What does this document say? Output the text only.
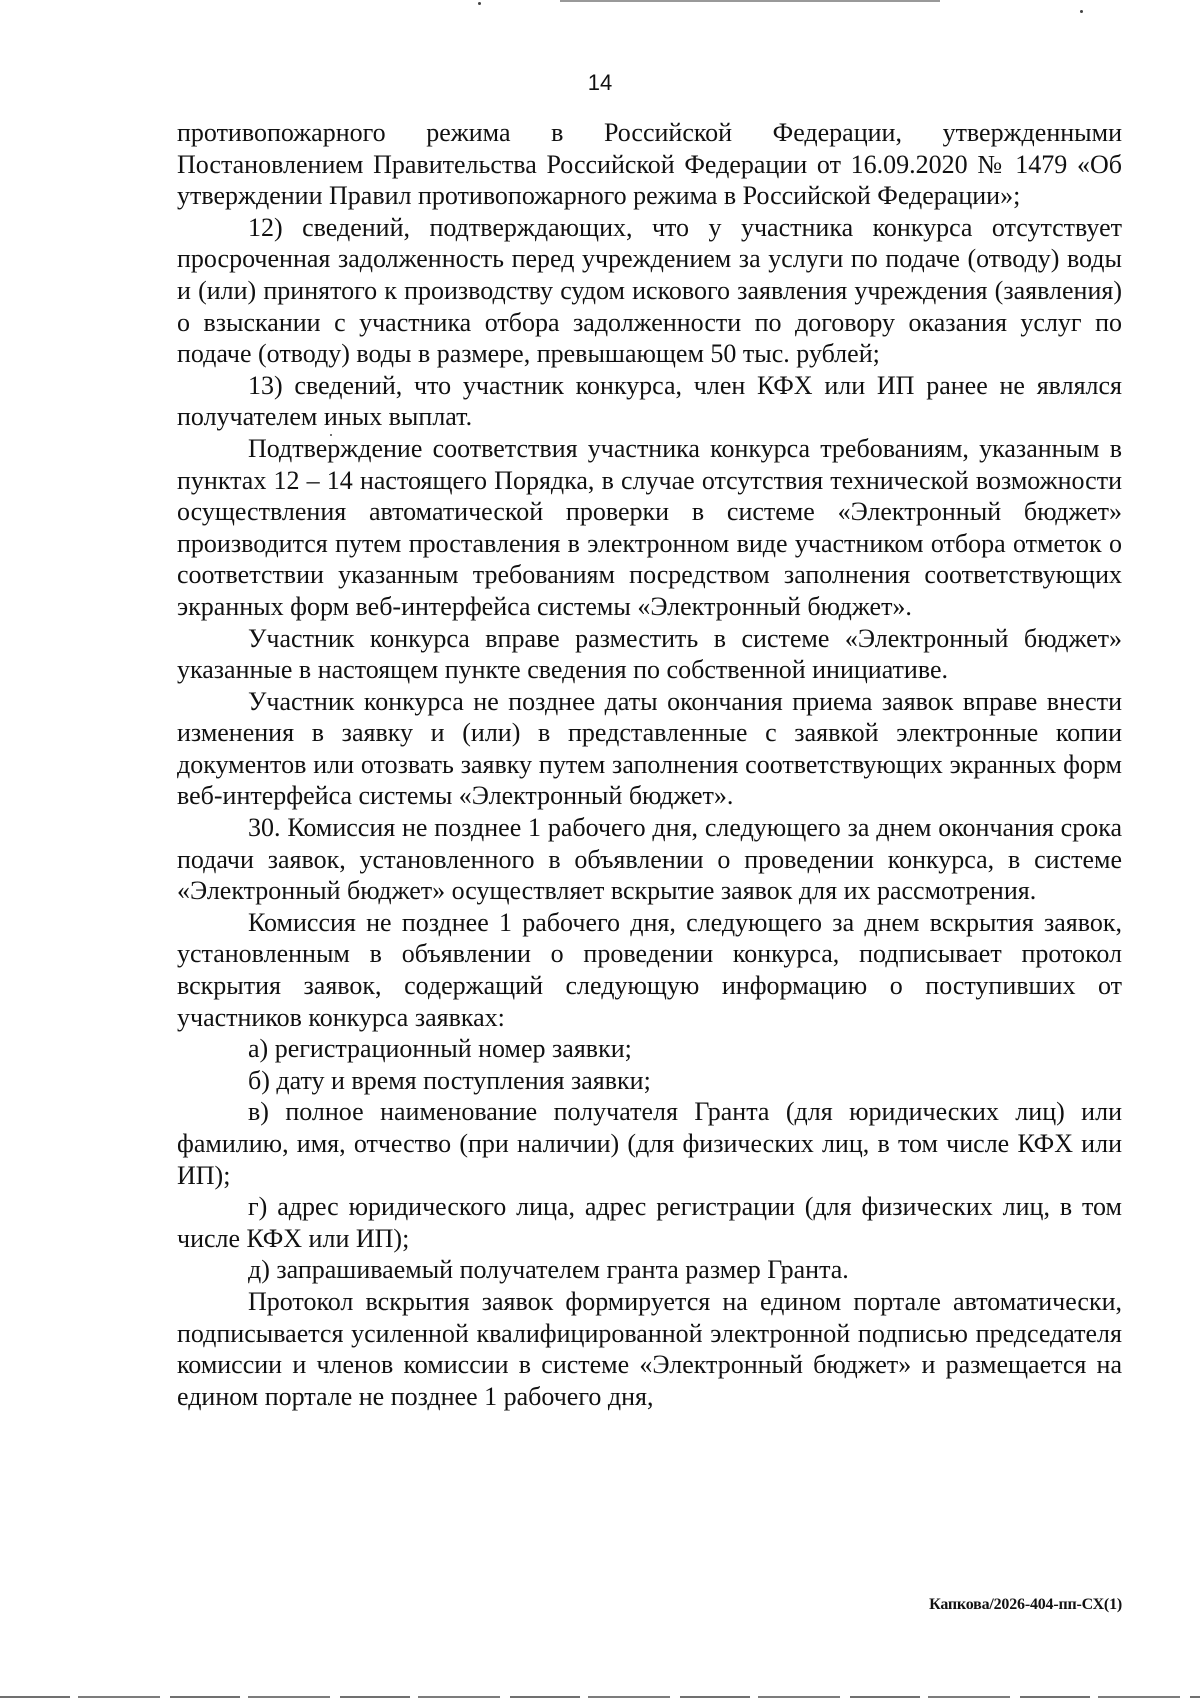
14

противопожарного режима в Российской Федерации, утвержденными Постановлением Правительства Российской Федерации от 16.09.2020 № 1479 «Об утверждении Правил противопожарного режима в Российской Федерации»;

12) сведений, подтверждающих, что у участника конкурса отсутствует просроченная задолженность перед учреждением за услуги по подаче (отводу) воды и (или) принятого к производству судом искового заявления учреждения (заявления) о взыскании с участника отбора задолженности по договору оказания услуг по подаче (отводу) воды в размере, превышающем 50 тыс. рублей;

13) сведений, что участник конкурса, член КФХ или ИП ранее не являлся получателем иных выплат.

Подтверждение соответствия участника конкурса требованиям, указанным в пунктах 12 – 14 настоящего Порядка, в случае отсутствия технической возможности осуществления автоматической проверки в системе «Электронный бюджет» производится путем проставления в электронном виде участником отбора отметок о соответствии указанным требованиям посредством заполнения соответствующих экранных форм веб-интерфейса системы «Электронный бюджет».

Участник конкурса вправе разместить в системе «Электронный бюджет» указанные в настоящем пункте сведения по собственной инициативе.

Участник конкурса не позднее даты окончания приема заявок вправе внести изменения в заявку и (или) в представленные с заявкой электронные копии документов или отозвать заявку путем заполнения соответствующих экранных форм веб-интерфейса системы «Электронный бюджет».

30. Комиссия не позднее 1 рабочего дня, следующего за днем окончания срока подачи заявок, установленного в объявлении о проведении конкурса, в системе «Электронный бюджет» осуществляет вскрытие заявок для их рассмотрения.

Комиссия не позднее 1 рабочего дня, следующего за днем вскрытия заявок, установленным в объявлении о проведении конкурса, подписывает протокол вскрытия заявок, содержащий следующую информацию о поступивших от участников конкурса заявках:

а) регистрационный номер заявки;

б) дату и время поступления заявки;

в) полное наименование получателя Гранта (для юридических лиц) или фамилию, имя, отчество (при наличии) (для физических лиц, в том числе КФХ или ИП);

г) адрес юридического лица, адрес регистрации (для физических лиц, в том числе КФХ или ИП);

д) запрашиваемый получателем гранта размер Гранта.

Протокол вскрытия заявок формируется на едином портале автоматически, подписывается усиленной квалифицированной электронной подписью председателя комиссии и членов комиссии в системе «Электронный бюджет» и размещается на едином портале не позднее 1 рабочего дня,

Капкова/2026-404-пп-СХ(1)
